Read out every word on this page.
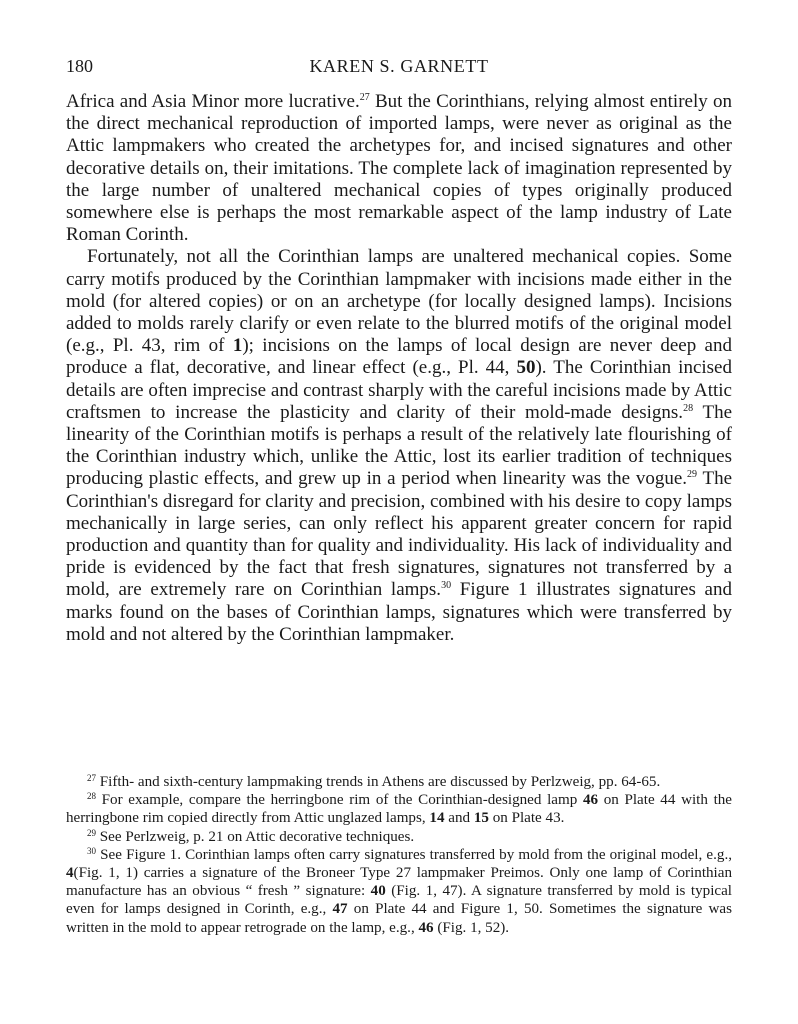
180	KAREN S. GARNETT

Africa and Asia Minor more lucrative.$^{27}$ But the Corinthians, relying almost entirely on the direct mechanical reproduction of imported lamps, were never as original as the Attic lampmakers who created the archetypes for, and incised signatures and other decorative details on, their imitations. The complete lack of imagination represented by the large number of unaltered mechanical copies of types originally produced somewhere else is perhaps the most remarkable aspect of the lamp industry of Late Roman Corinth.

Fortunately, not all the Corinthian lamps are unaltered mechanical copies. Some carry motifs produced by the Corinthian lampmaker with incisions made either in the mold (for altered copies) or on an archetype (for locally designed lamps). Incisions added to molds rarely clarify or even relate to the blurred motifs of the original model (e.g., Pl. 43, rim of 1); incisions on the lamps of local design are never deep and produce a flat, decorative, and linear effect (e.g., Pl. 44, 50). The Corinthian incised details are often imprecise and contrast sharply with the careful incisions made by Attic craftsmen to increase the plasticity and clarity of their mold-made designs.$^{28}$ The linearity of the Corinthian motifs is perhaps a result of the relatively late flourishing of the Corinthian industry which, unlike the Attic, lost its earlier tradition of techniques producing plastic effects, and grew up in a period when linearity was the vogue.$^{29}$ The Corinthian's disregard for clarity and precision, combined with his desire to copy lamps mechanically in large series, can only reflect his apparent greater concern for rapid production and quantity than for quality and individuality. His lack of individuality and pride is evidenced by the fact that fresh signatures, signatures not transferred by a mold, are extremely rare on Corinthian lamps.$^{30}$ Figure 1 illustrates signatures and marks found on the bases of Corinthian lamps, signatures which were transferred by mold and not altered by the Corinthian lampmaker.

$^{27}$ Fifth- and sixth-century lampmaking trends in Athens are discussed by Perlzweig, pp. 64-65.

$^{28}$ For example, compare the herringbone rim of the Corinthian-designed lamp 46 on Plate 44 with the herringbone rim copied directly from Attic unglazed lamps, 14 and 15 on Plate 43.

$^{29}$ See Perlzweig, p. 21 on Attic decorative techniques.

$^{30}$ See Figure 1. Corinthian lamps often carry signatures transferred by mold from the original model, e.g., 4(Fig. 1, 1) carries a signature of the Broneer Type 27 lampmaker Preimos. Only one lamp of Corinthian manufacture has an obvious “ fresh ” signature: 40 (Fig. 1, 47). A signature transferred by mold is typical even for lamps designed in Corinth, e.g., 47 on Plate 44 and Figure 1, 50. Sometimes the signature was written in the mold to appear retrograde on the lamp, e.g., 46 (Fig. 1, 52).
